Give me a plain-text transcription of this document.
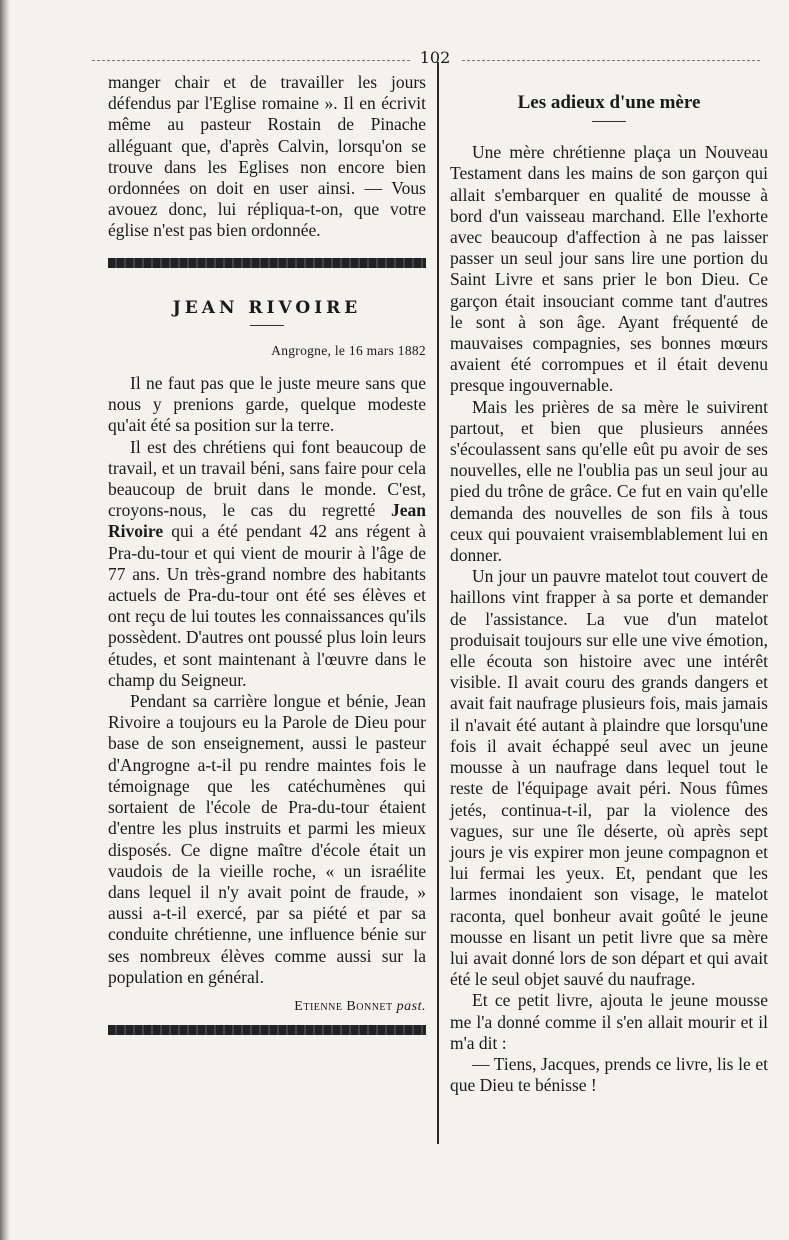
102

manger chair et de travailler les jours défendus par l'Eglise romaine ». Il en écrivit même au pasteur Rostain de Pinache alléguant que, d'après Calvin, lorsqu'on se trouve dans les Eglises non encore bien ordonnées on doit en user ainsi. — Vous avouez donc, lui répliqua-t-on, que votre église n'est pas bien ordonnée.

JEAN RIVOIRE
Angrogne, le 16 mars 1882

Il ne faut pas que le juste meure sans que nous y prenions garde, quelque modeste qu'ait été sa position sur la terre.

Il est des chrétiens qui font beaucoup de travail, et un travail béni, sans faire pour cela beaucoup de bruit dans le monde. C'est, croyons-nous, le cas du regretté Jean Rivoire qui a été pendant 42 ans régent à Pra-du-tour et qui vient de mourir à l'âge de 77 ans. Un très-grand nombre des habitants actuels de Pra-du-tour ont été ses élèves et ont reçu de lui toutes les connaissances qu'ils possèdent. D'autres ont poussé plus loin leurs études, et sont maintenant à l'œuvre dans le champ du Seigneur.

Pendant sa carrière longue et bénie, Jean Rivoire a toujours eu la Parole de Dieu pour base de son enseignement, aussi le pasteur d'Angrogne a-t-il pu rendre maintes fois le témoignage que les catéchumènes qui sortaient de l'école de Pra-du-tour étaient d'entre les plus instruits et parmi les mieux disposés. Ce digne maître d'école était un vaudois de la vieille roche, « un israélite dans lequel il n'y avait point de fraude, » aussi a-t-il exercé, par sa piété et par sa conduite chrétienne, une influence bénie sur ses nombreux élèves comme aussi sur la population en général.

Etienne Bonnet past.
Les adieux d'une mère

Une mère chrétienne plaça un Nouveau Testament dans les mains de son garçon qui allait s'embarquer en qualité de mousse à bord d'un vaisseau marchand. Elle l'exhorte avec beaucoup d'affection à ne pas laisser passer un seul jour sans lire une portion du Saint Livre et sans prier le bon Dieu. Ce garçon était insouciant comme tant d'autres le sont à son âge. Ayant fréquenté de mauvaises compagnies, ses bonnes mœurs avaient été corrompues et il était devenu presque ingouvernable.

Mais les prières de sa mère le suivirent partout, et bien que plusieurs années s'écoulassent sans qu'elle eût pu avoir de ses nouvelles, elle ne l'oublia pas un seul jour au pied du trône de grâce. Ce fut en vain qu'elle demanda des nouvelles de son fils à tous ceux qui pouvaient vraisemblablement lui en donner.

Un jour un pauvre matelot tout couvert de haillons vint frapper à sa porte et demander de l'assistance. La vue d'un matelot produisait toujours sur elle une vive émotion, elle écouta son histoire avec une intérêt visible. Il avait couru des grands dangers et avait fait naufrage plusieurs fois, mais jamais il n'avait été autant à plaindre que lorsqu'une fois il avait échappé seul avec un jeune mousse à un naufrage dans lequel tout le reste de l'équipage avait péri. Nous fûmes jetés, continua-t-il, par la violence des vagues, sur une île déserte, où après sept jours je vis expirer mon jeune compagnon et lui fermai les yeux. Et, pendant que les larmes inondaient son visage, le matelot raconta, quel bonheur avait goûté le jeune mousse en lisant un petit livre que sa mère lui avait donné lors de son départ et qui avait été le seul objet sauvé du naufrage.

Et ce petit livre, ajouta le jeune mousse me l'a donné comme il s'en allait mourir et il m'a dit :

— Tiens, Jacques, prends ce livre, lis le et que Dieu te bénisse !
